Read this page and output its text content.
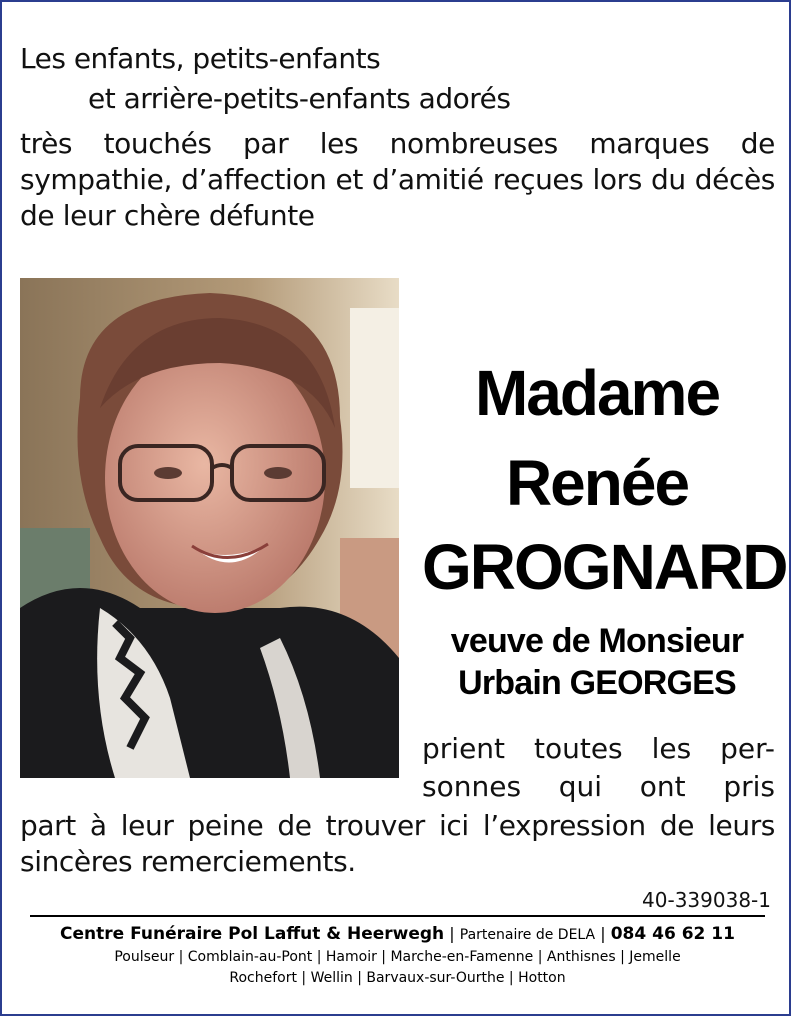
Les enfants, petits-enfants
et arrière-petits-enfants adorés
très touchés par les nombreuses marques de sympathie, d’affection et d’amitié reçues lors du décès de leur chère défunte
Madame
Renée
GROGNARD
veuve de Monsieur
Urbain GEORGES
prient toutes les per- sonnes qui ont pris
part à leur peine de trouver ici l’expression de leurs sincères remerciements.
40-339038-1
Centre Funéraire Pol Laffut & Heerwegh | Partenaire de DELA | 084 46 62 11
Poulseur | Comblain-au-Pont | Hamoir | Marche-en-Famenne | Anthisnes | Jemelle
Rochefort | Wellin | Barvaux-sur-Ourthe | Hotton
